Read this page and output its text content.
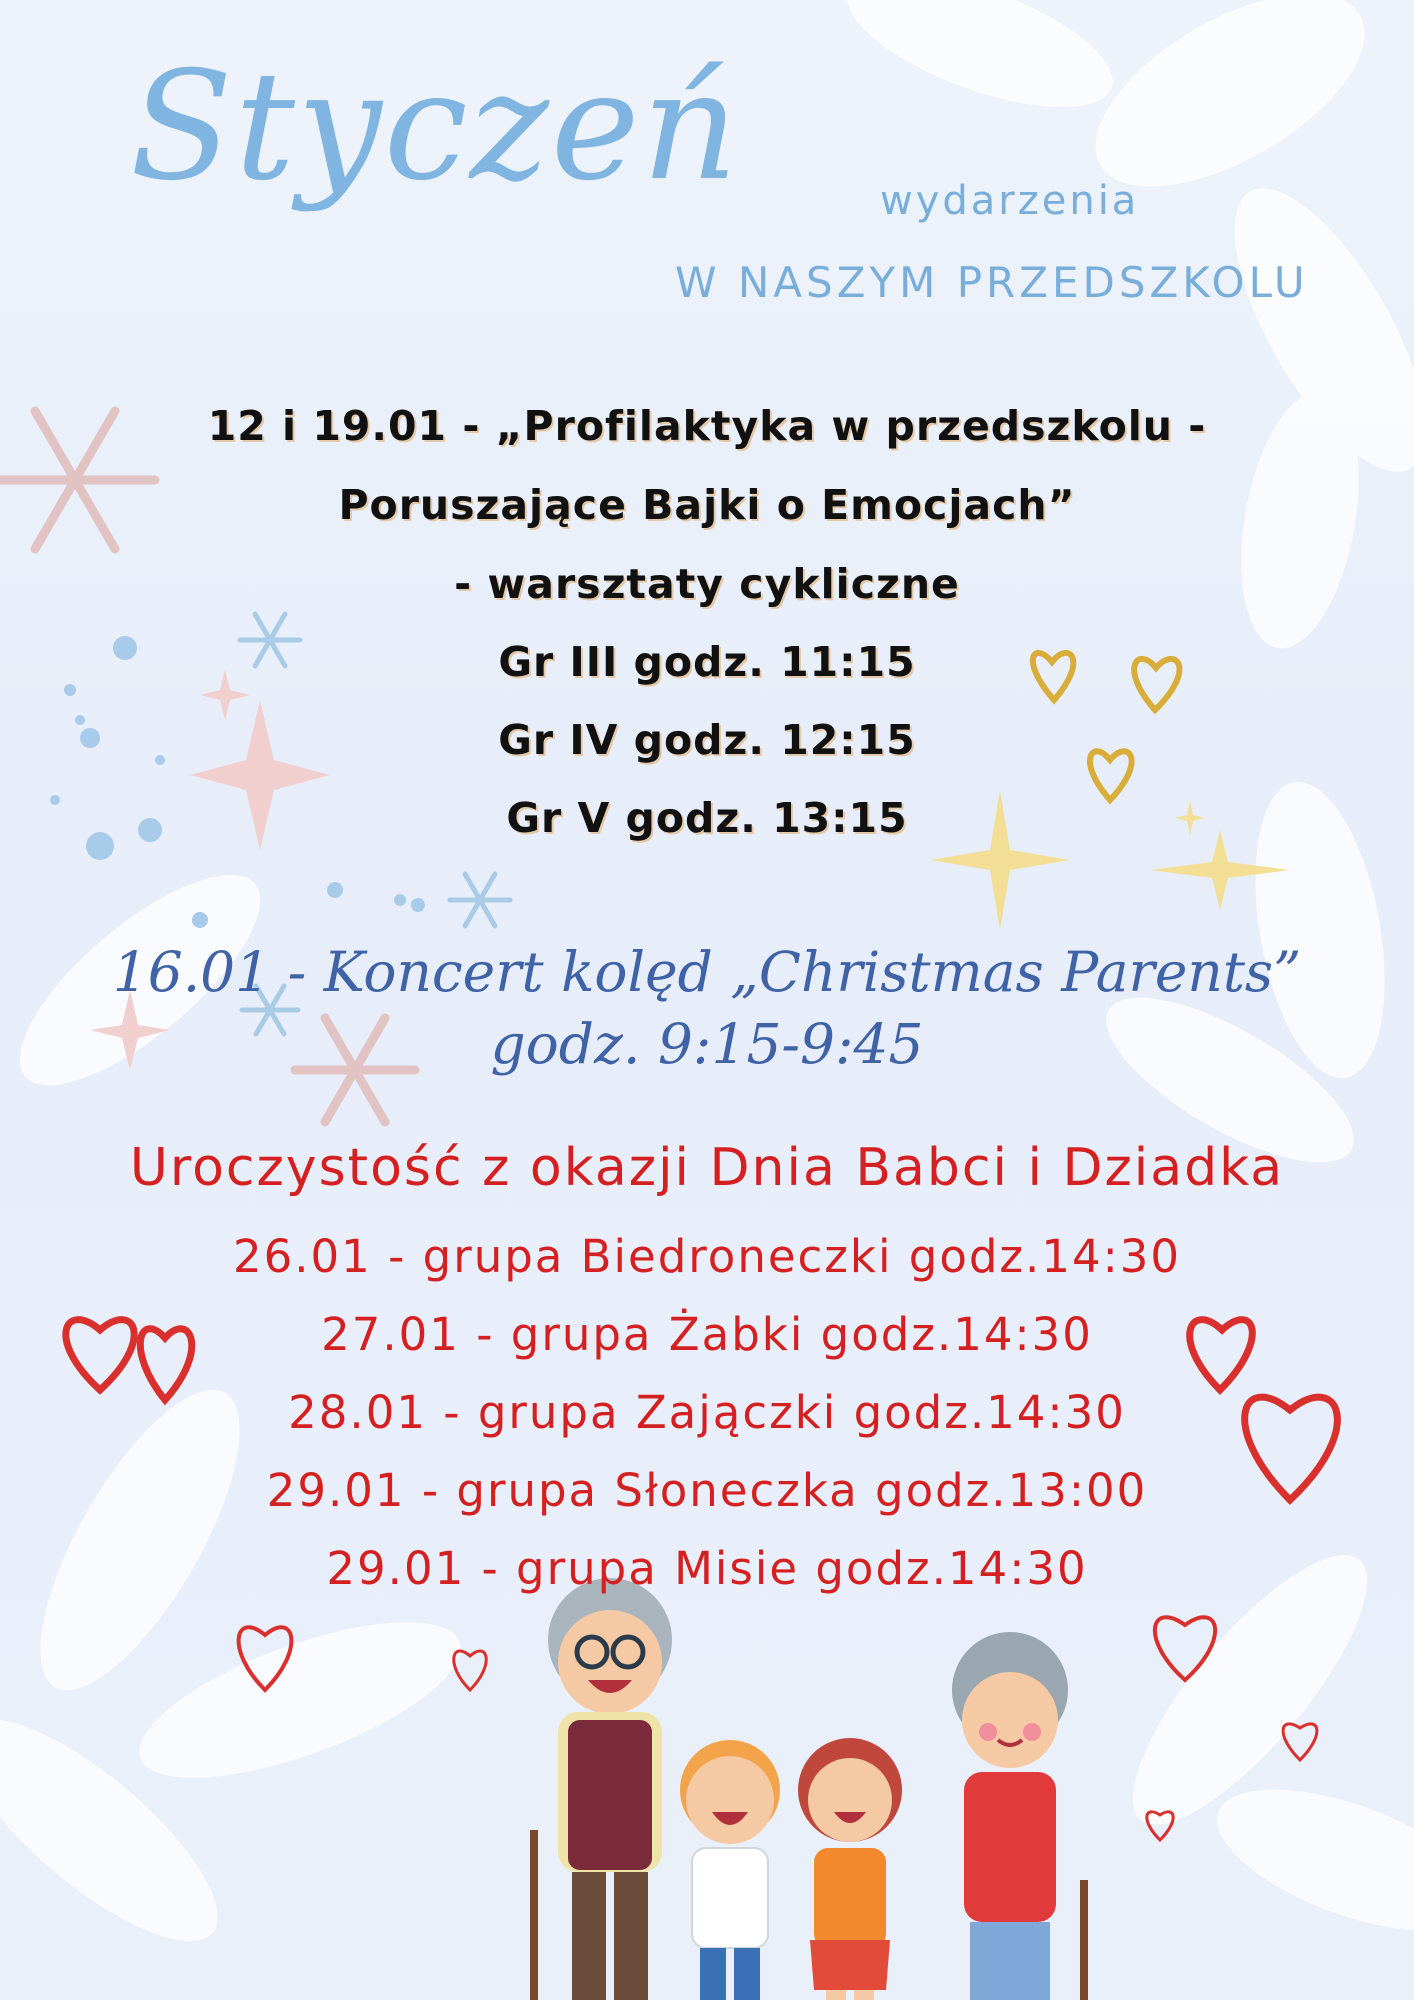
Styczeń	wydarzenia

W NASZYM PRZEDSZKOLU

12 i 19.01 - „Profilaktyka w przedszkolu -

Poruszające Bajki o Emocjach”

- warsztaty cykliczne

Gr III godz. 11:15

Gr IV godz. 12:15

Gr V godz. 13:15

16.01 - Koncert kolęd „Christmas Parents”

godz. 9:15-9:45

Uroczystość z okazji Dnia Babci i Dziadka

26.01 - grupa Biedroneczki godz.14:30

27.01 - grupa Żabki godz.14:30

28.01 - grupa Zajączki godz.14:30

29.01 - grupa Słoneczka godz.13:00

29.01 - grupa Misie godz.14:30
